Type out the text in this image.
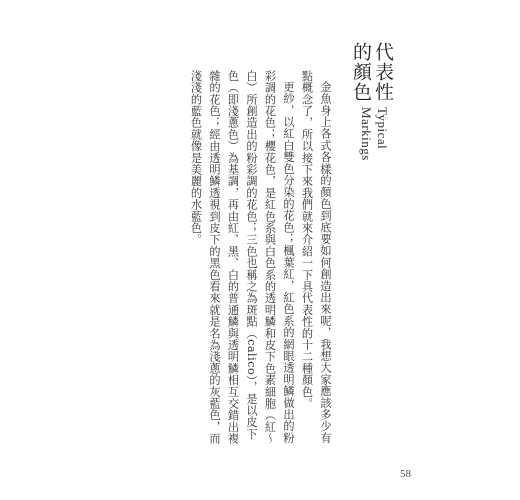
代表性的顏色
Typical Markings

金魚身上各式各樣的顏色到底要如何創造出來呢，我想大家應該多少有點概念了，所以接下來我們就來介紹一下具代表性的十二種顏色。

更紗，以紅白雙色分染的花色；楓葉紅，紅色系的網眼透明鱗做出的粉彩調的花色；櫻花色，是紅色系與白色系的透明鱗和皮下色素細胞（紅〜白）所創造出的粉彩調的花色；三色也稱之為斑點（calico），是以皮下色（即淺蔥色）為基調，再由紅、黑、白的普通鱗與透明鱗相互交錯出複雜的花色；經由透明鱗透視到皮下的黑色看來就是名為淺蔥的灰藍色，而淺淺的藍色就像是美麗的水藍色。

58
